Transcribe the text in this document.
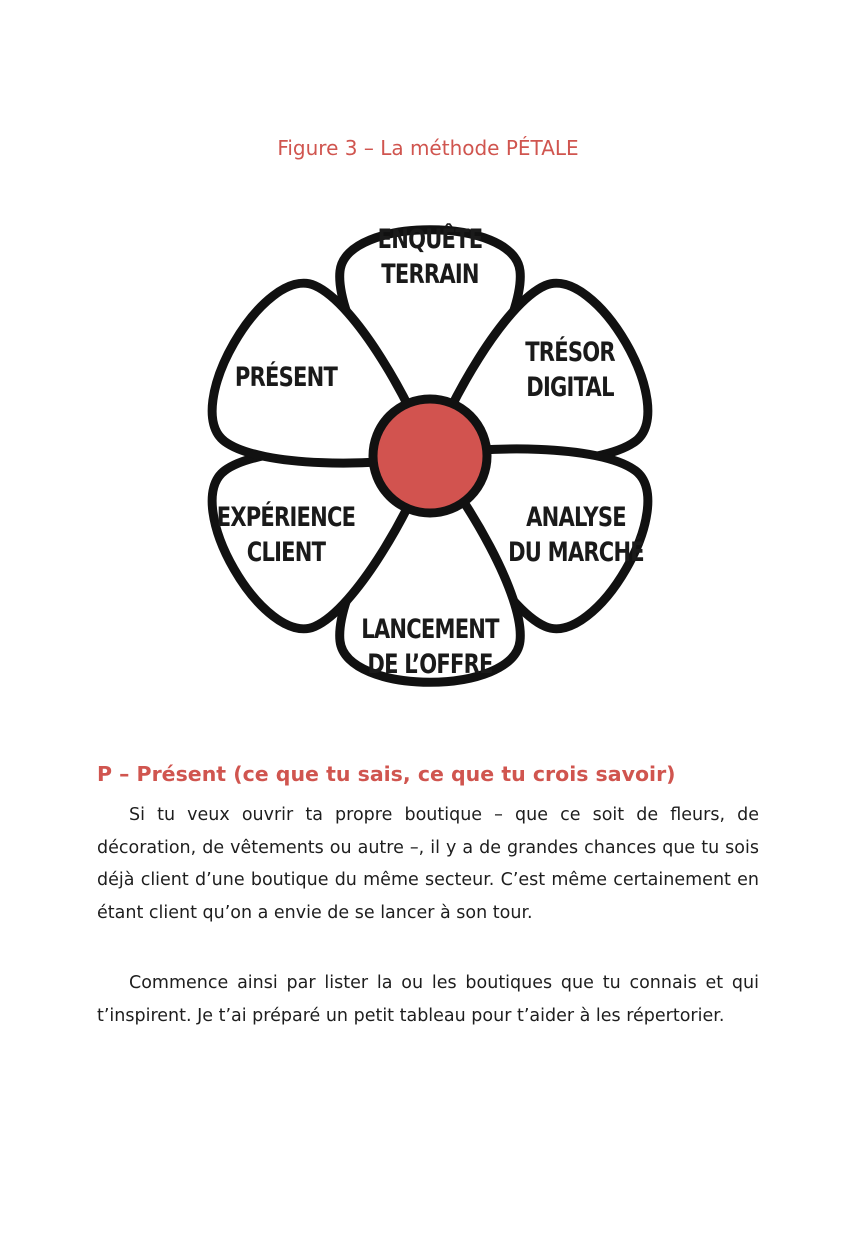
Figure 3 – La méthode PÉTALE
ENQUÊTE
TERRAIN
TRÉSOR
DIGITAL
ANALYSE
DU MARCHÉ
LANCEMENT
DE L’OFFRE
EXPÉRIENCE
CLIENT
PRÉSENT
P – Présent (ce que tu sais, ce que tu crois savoir)

Si tu veux ouvrir ta propre boutique – que ce soit de fleurs, de décoration, de vêtements ou autre –, il y a de grandes chances que tu sois déjà client d’une boutique du même secteur. C’est même certainement en étant client qu’on a envie de se lancer à son tour.

Commence ainsi par lister la ou les boutiques que tu connais et qui t’inspirent. Je t’ai préparé un petit tableau pour t’aider à les répertorier.
